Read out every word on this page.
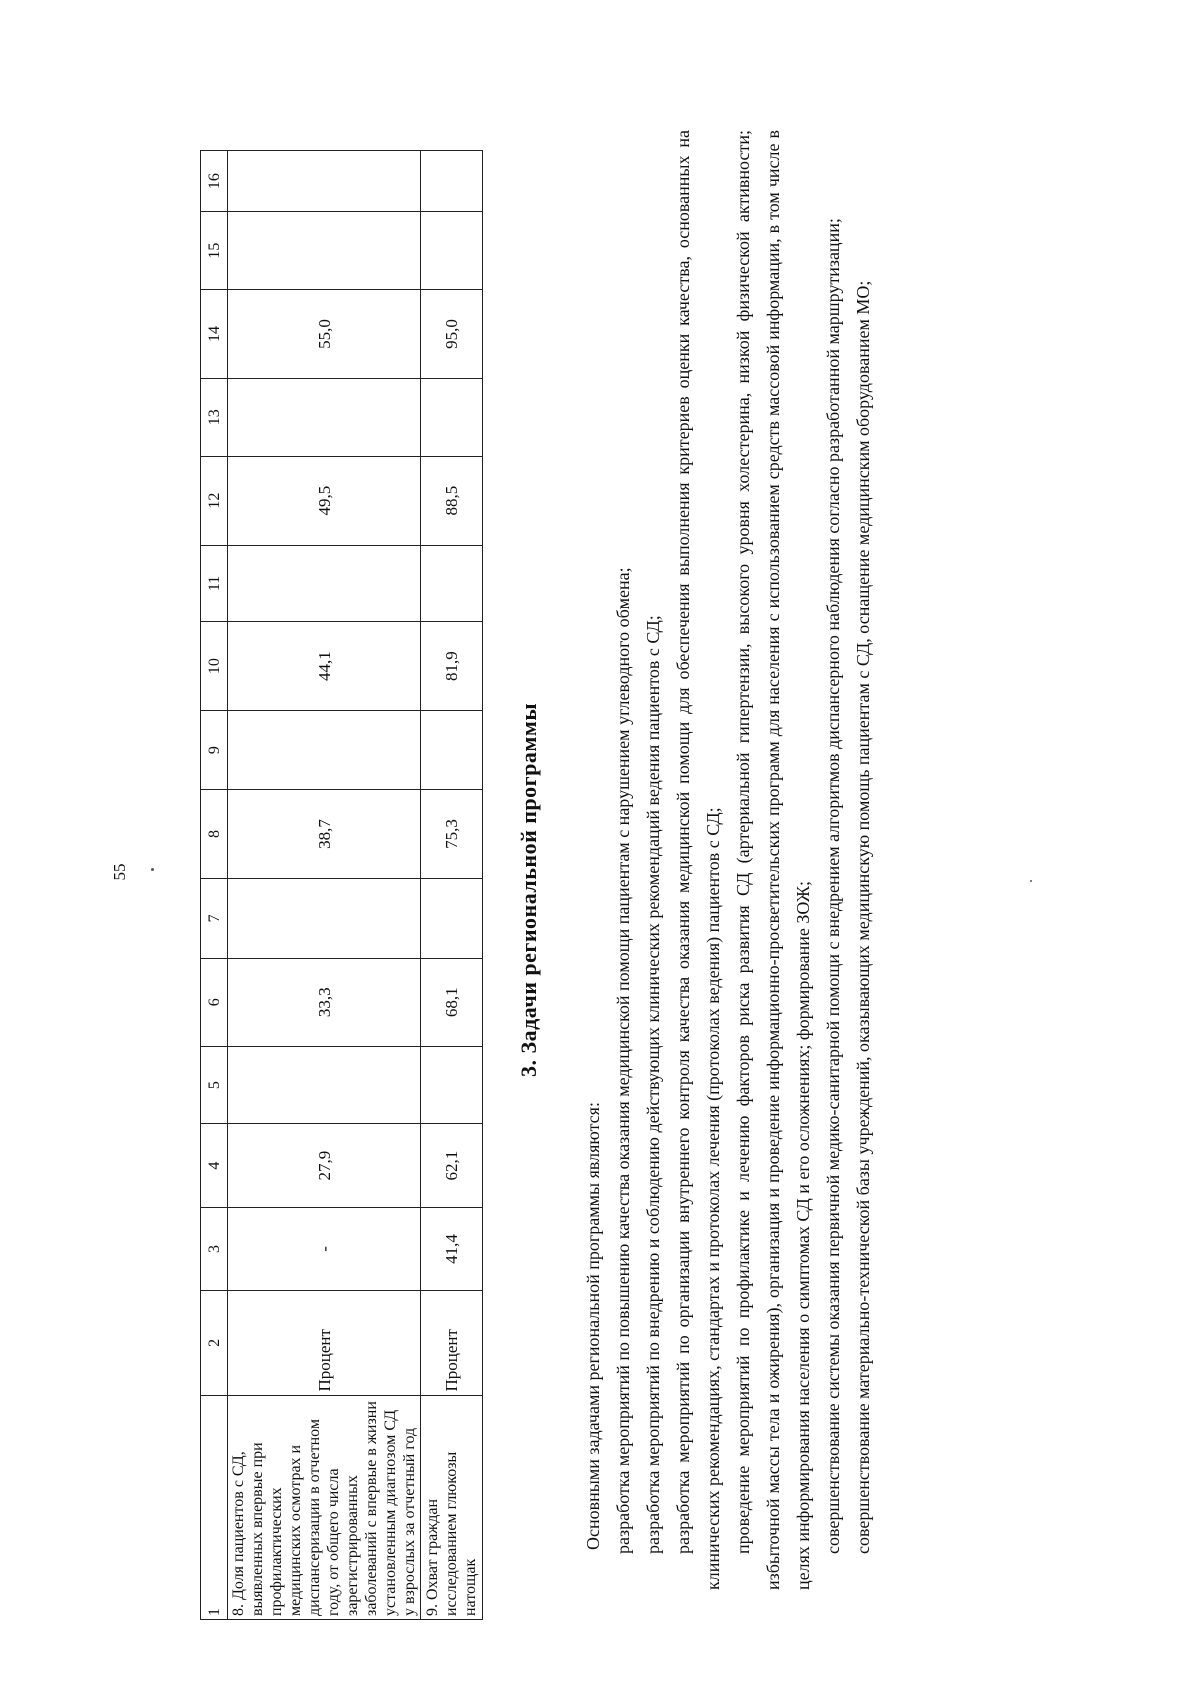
55
1	2	3	4	5	6	7	8	9	10	11	12	13	14	15	16
8. Доля пациентов с СД, выявленных впервые при профилактических медицинских осмотрах и диспансеризации в отчетном году, от общего числа зарегистрированных заболеваний с впервые в жизни установленным диагнозом СД у взрослых за отчетный год	Процент	-	27,9		33,3		38,7		44,1		49,5		55,0		
9. Охват граждан исследованием глюкозы натощак	Процент	41,4	62,1		68,1		75,3		81,9		88,5		95,0		
3. Задачи региональной программы

Основными задачами региональной программы являются: разработка мероприятий по повышению качества оказания медицинской помощи пациентам с нарушением углеводного обмена; разработка мероприятий по внедрению и соблюдению действующих клинических рекомендаций ведения пациентов с СД; разработка мероприятий по организации внутреннего контроля качества оказания медицинской помощи для обеспечения выполнения критериев оценки качества, основанных на клинических рекомендациях, стандартах и протоколах лечения (протоколах ведения) пациентов с СД; проведение мероприятий по профилактике и лечению факторов риска развития СД (артериальной гипертензии, высокого уровня холестерина, низкой физической активности; избыточной массы тела и ожирения), организация и проведение информационно-просветительских программ для населения с использованием средств массовой информации, в том числе в целях информирования населения о симптомах СД и его осложнениях; формирование ЗОЖ; совершенствование системы оказания первичной медико-санитарной помощи с внедрением алгоритмов диспансерного наблюдения согласно разработанной маршрутизации; совершенствование материально-технической базы учреждений, оказывающих медицинскую помощь пациентам с СД, оснащение медицинским оборудованием МО;
